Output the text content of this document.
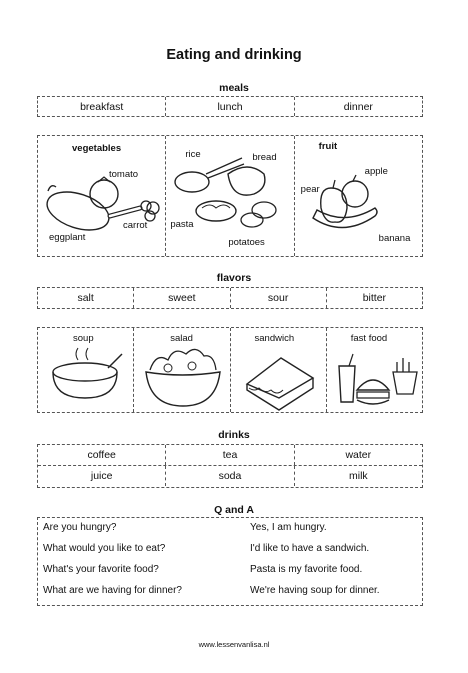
Eating and drinking
meals
breakfast	lunch	dinner
vegetables
tomato
carrot
eggplant
rice	bread
pasta
potatoes
fruit
apple
pear
banana
flavors
salt	sweet	sour	bitter
soup	salad	sandwich	fast food
drinks
coffee	tea	water
juice	soda	milk
Q and A
Are you hungry?	Yes, I am hungry.
What would you like to eat?	I'd like to have a sandwich.
What's your favorite food?	Pasta is my favorite food.
What are we having for dinner?	We're having soup for dinner.
www.lessenvanlisa.nl
